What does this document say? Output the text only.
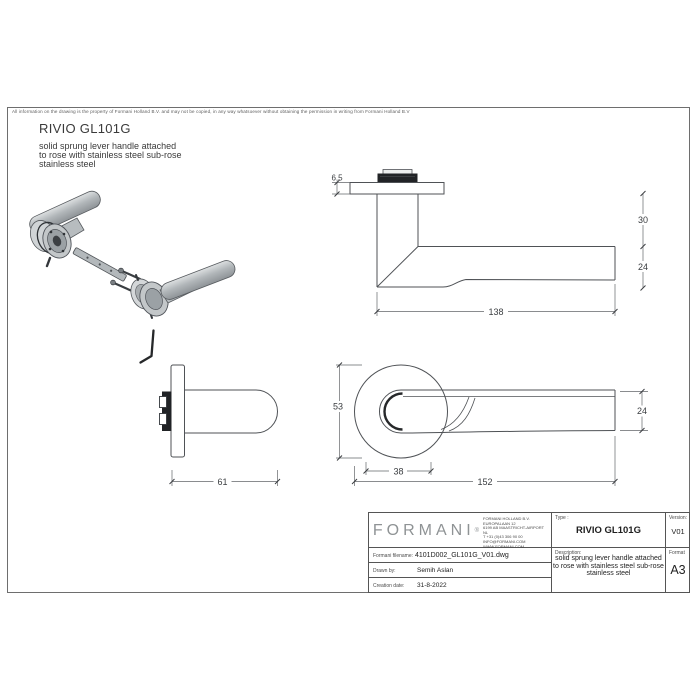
All information on the drawing is the property of Formani Holland B.V. and may not be copied, in any way whatsoever without obtaining the permission in writing from Formani Holland B.V
RIVIO GL101G
solid sprung lever handle attached
to rose with stainless steel sub-rose
stainless steel
6,5
30
24
138
53
38
152
24
61
FORMANI ®
FORMANI HOLLAND B.V.
EUROPALAAN 12
6199 AB MAASTRICHT-AIRPORT NL
T +31 (0)43 306 90 00
INFO@FORMANI.COM
WWW.FORMANI.COM
Type :
RIVIO GL101G
Version:
V01
Formani filename: 4101D002_GL101G_V01.dwg
Drawn by:	Semih Aslan
Creation date: 31-8-2022
Description:
solid sprung lever handle attached
to rose with stainless steel sub-rose
stainless steel
Format
A3
